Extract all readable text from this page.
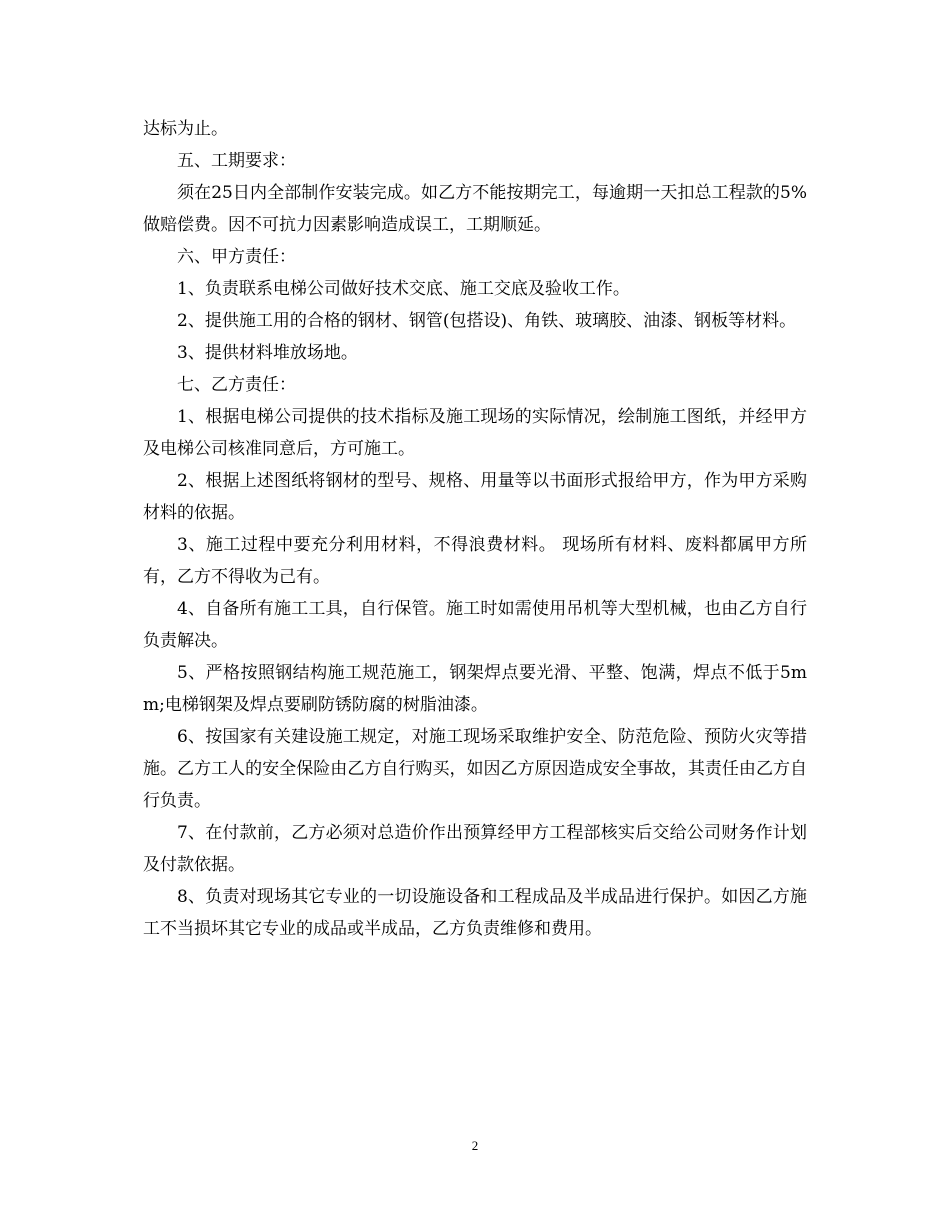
达标为止。

五、工期要求：

须在25日内全部制作安装完成。如乙方不能按期完工，每逾期一天扣总工程款的5%做赔偿费。因不可抗力因素影响造成误工，工期顺延。

六、甲方责任：

1、负责联系电梯公司做好技术交底、施工交底及验收工作。

2、提供施工用的合格的钢材、钢管(包搭设)、角铁、玻璃胶、油漆、钢板等材料。

3、提供材料堆放场地。

七、乙方责任：

1、根据电梯公司提供的技术指标及施工现场的实际情况，绘制施工图纸，并经甲方及电梯公司核准同意后，方可施工。

2、根据上述图纸将钢材的型号、规格、用量等以书面形式报给甲方，作为甲方采购材料的依据。

3、施工过程中要充分利用材料，不得浪费材料。 现场所有材料、废料都属甲方所有，乙方不得收为己有。

4、自备所有施工工具，自行保管。施工时如需使用吊机等大型机械，也由乙方自行负责解决。

5、严格按照钢结构施工规范施工，钢架焊点要光滑、平整、饱满，焊点不低于5mm;电梯钢架及焊点要刷防锈防腐的树脂油漆。

6、按国家有关建设施工规定，对施工现场采取维护安全、防范危险、预防火灾等措施。乙方工人的安全保险由乙方自行购买，如因乙方原因造成安全事故，其责任由乙方自行负责。

7、在付款前，乙方必须对总造价作出预算经甲方工程部核实后交给公司财务作计划及付款依据。

8、负责对现场其它专业的一切设施设备和工程成品及半成品进行保护。如因乙方施工不当损坏其它专业的成品或半成品，乙方负责维修和费用。

2
